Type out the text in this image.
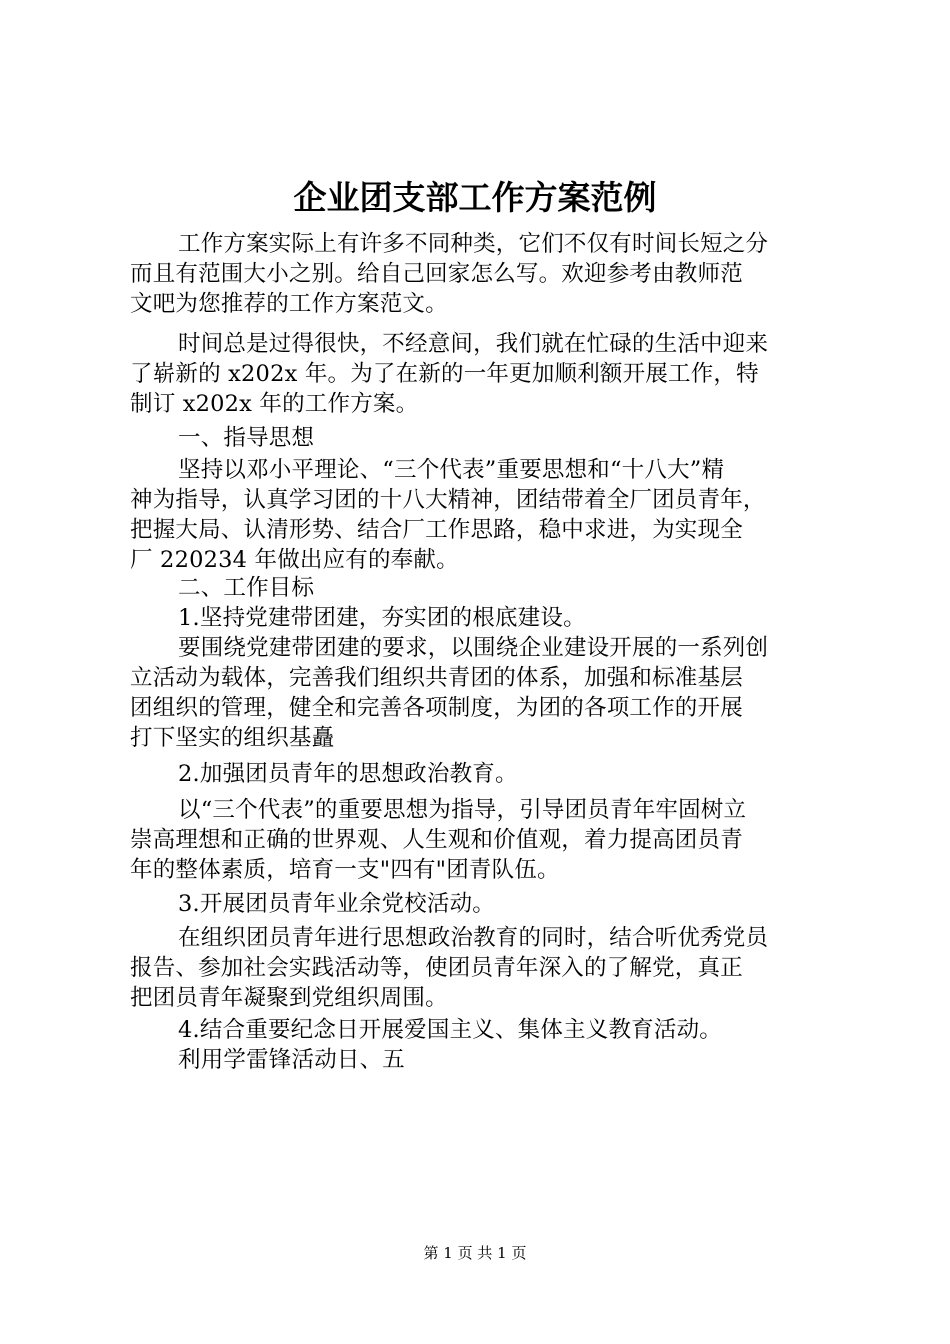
企业团支部工作方案范例
工作方案实际上有许多不同种类，它们不仅有时间长短之分
而且有范围大小之别。给自己回家怎么写。欢迎参考由教师范
文吧为您推荐的工作方案范文。
时间总是过得很快，不经意间，我们就在忙碌的生活中迎来
了崭新的 x202x 年。为了在新的一年更加顺利额开展工作，特
制订 x202x 年的工作方案。
一、指导思想
坚持以邓小平理论、“三个代表”重要思想和“十八大”精
神为指导，认真学习团的十八大精神，团结带着全厂团员青年，
把握大局、认清形势、结合厂工作思路，稳中求进，为实现全
厂 220234 年做出应有的奉献。
二、工作目标
1.坚持党建带团建，夯实团的根底建设。
要围绕党建带团建的要求，以围绕企业建设开展的一系列创
立活动为载体，完善我们组织共青团的体系，加强和标准基层
团组织的管理，健全和完善各项制度，为团的各项工作的开展
打下坚实的组织基矗
2.加强团员青年的思想政治教育。
以“三个代表”的重要思想为指导，引导团员青年牢固树立
崇高理想和正确的世界观、人生观和价值观，着力提高团员青
年的整体素质，培育一支"四有"团青队伍。
3.开展团员青年业余党校活动。
在组织团员青年进行思想政治教育的同时，结合听优秀党员
报告、参加社会实践活动等，使团员青年深入的了解党，真正
把团员青年凝聚到党组织周围。
4.结合重要纪念日开展爱国主义、集体主义教育活动。
利用学雷锋活动日、五
第 1 页 共 1 页
